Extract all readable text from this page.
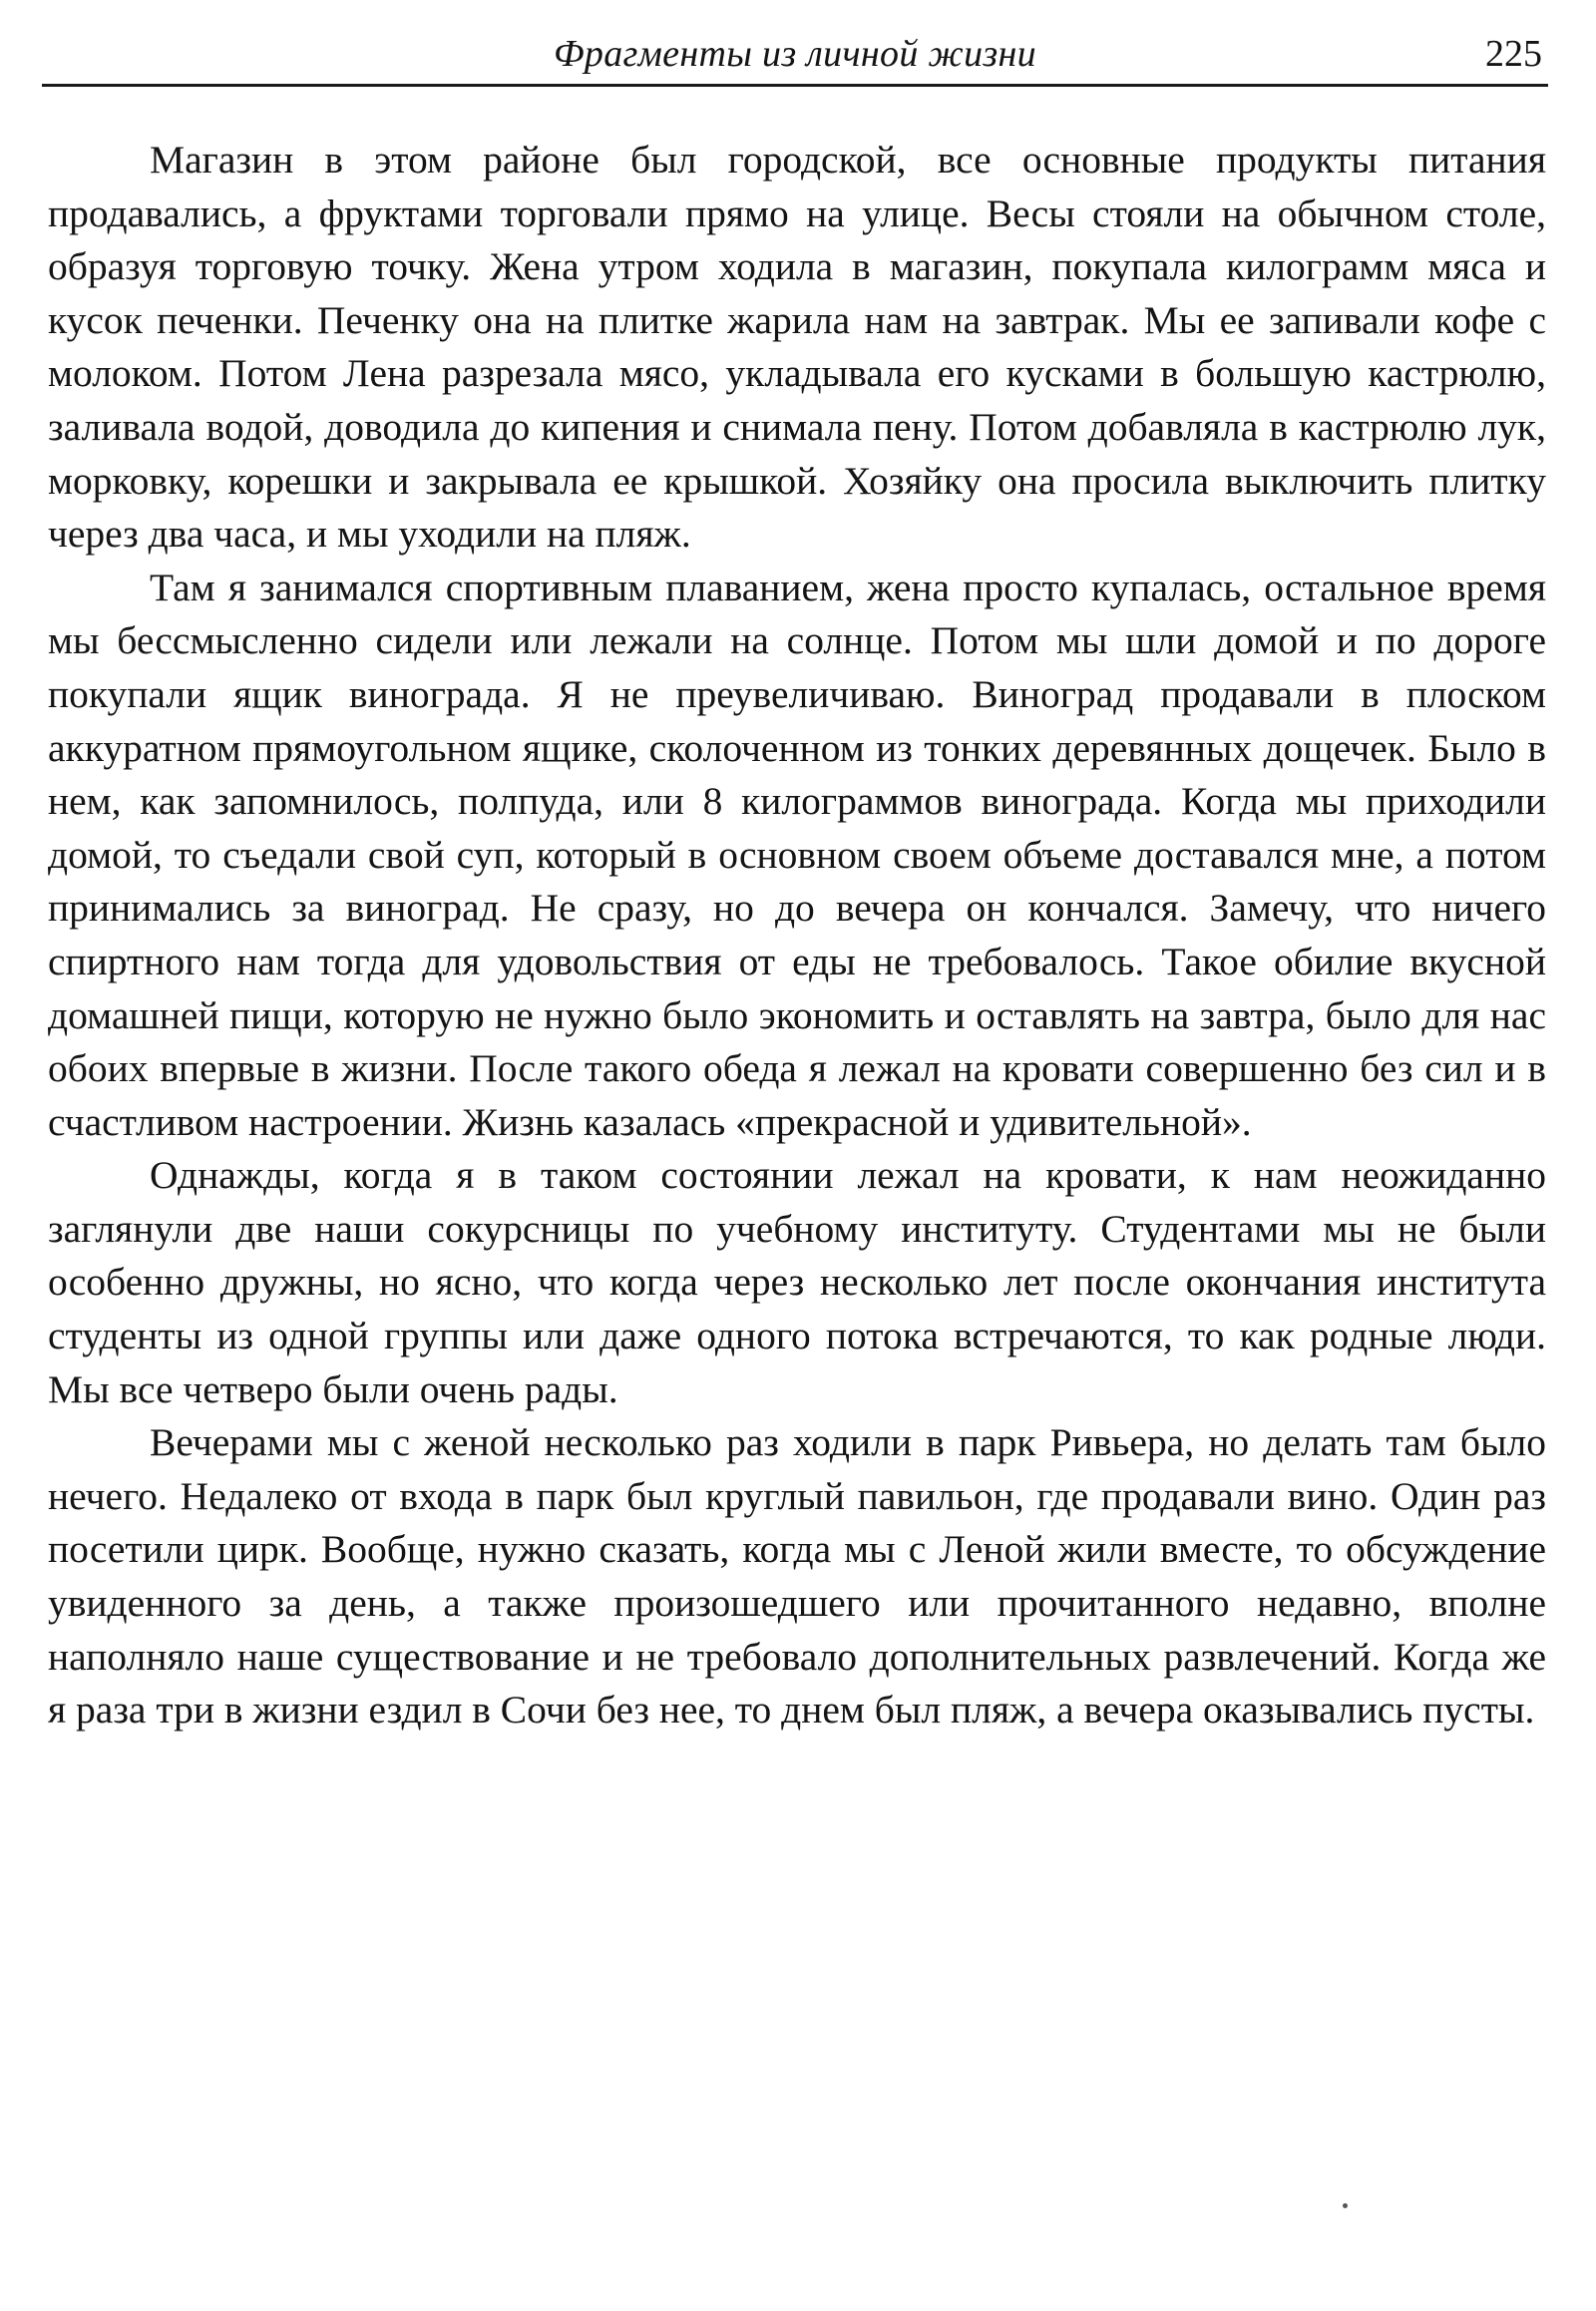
Фрагменты из личной жизни	225

Магазин в этом районе был городской, все основные продукты питания продавались, а фруктами торговали прямо на улице. Весы стояли на обычном столе, образуя торговую точку. Жена утром ходила в магазин, покупала килограмм мяса и кусок печенки. Печенку она на плитке жарила нам на завтрак. Мы ее запивали кофе с молоком. Потом Лена разрезала мясо, укладывала его кусками в большую кастрюлю, заливала водой, доводила до кипения и снимала пену. Потом добавляла в кастрюлю лук, морковку, корешки и закрывала ее крышкой. Хозяйку она просила выключить плитку через два часа, и мы уходили на пляж.

Там я занимался спортивным плаванием, жена просто купалась, остальное время мы бессмысленно сидели или лежали на солнце. Потом мы шли домой и по дороге покупали ящик винограда. Я не преувеличиваю. Виноград продавали в плоском аккуратном прямоугольном ящике, сколоченном из тонких деревянных дощечек. Было в нем, как запомнилось, полпуда, или 8 килограммов винограда. Когда мы приходили домой, то съедали свой суп, который в основном своем объеме доставался мне, а потом принимались за виноград. Не сразу, но до вечера он кончался. Замечу, что ничего спиртного нам тогда для удовольствия от еды не требовалось. Такое обилие вкусной домашней пищи, которую не нужно было экономить и оставлять на завтра, было для нас обоих впервые в жизни. После такого обеда я лежал на кровати совершенно без сил и в счастливом настроении. Жизнь казалась «прекрасной и удивительной».

Однажды, когда я в таком состоянии лежал на кровати, к нам неожиданно заглянули две наши сокурсницы по учебному институту. Студентами мы не были особенно дружны, но ясно, что когда через несколько лет после окончания института студенты из одной группы или даже одного потока встречаются, то как родные люди. Мы все четверо были очень рады.

Вечерами мы с женой несколько раз ходили в парк Ривьера, но делать там было нечего. Недалеко от входа в парк был круглый павильон, где продавали вино. Один раз посетили цирк. Вообще, нужно сказать, когда мы с Леной жили вместе, то обсуждение увиденного за день, а также произошедшего или прочитанного недавно, вполне наполняло наше существование и не требовало дополнительных развлечений. Когда же я раза три в жизни ездил в Сочи без нее, то днем был пляж, а вечера оказывались пусты.
